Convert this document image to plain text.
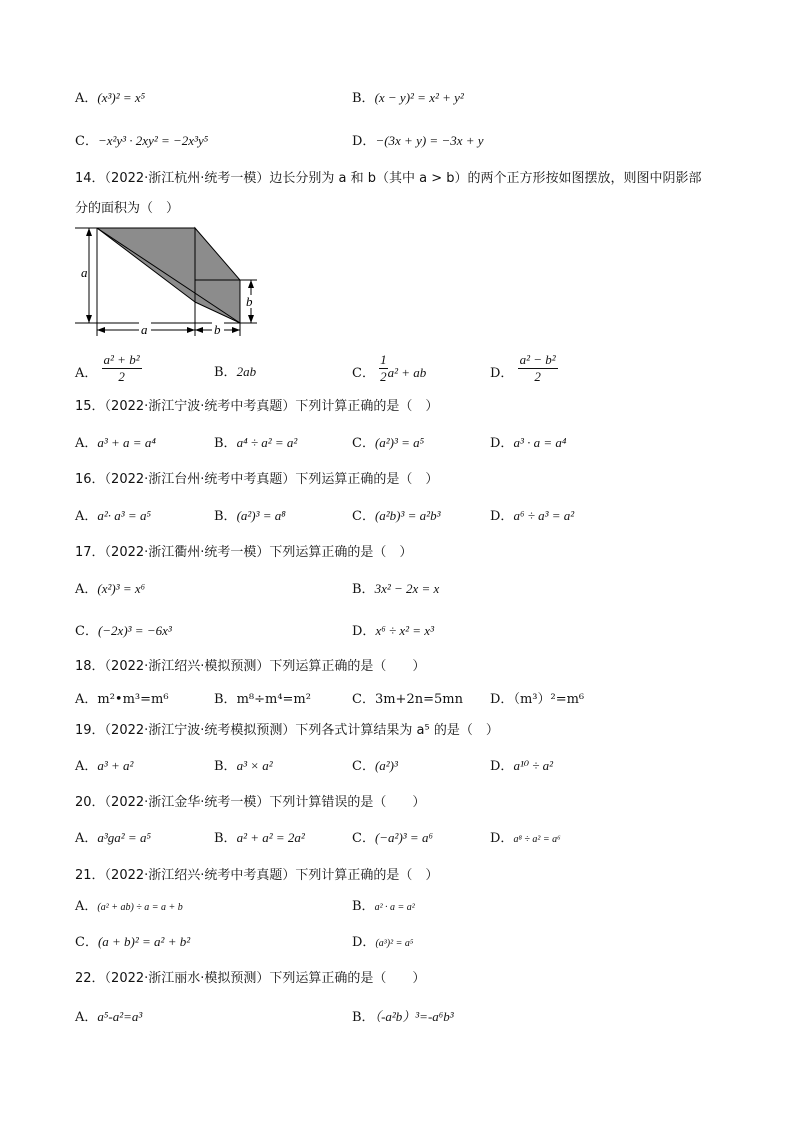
A．(x³)² = x⁵	B．(x − y)² = x² + y²
C．−x²y³ · 2xy² = −2x³y⁵	D．−(3x + y) = −3x + y
14．（2022·浙江杭州·统考一模）边长分别为 a 和 b（其中 a > b）的两个正方形按如图摆放，则图中阴影部
分的面积为（　）
a
a	b
b
A． $\frac{\text{a² + b²}}{2}$	B．2ab	C． $\frac{1}{2} a^2$ + ab	D． $\frac{\text{a² − b²}}{2}$
15．（2022·浙江宁波·统考中考真题）下列计算正确的是（　）
A．a³ + a = a⁴	B．a⁴ ÷ a² = a²	C．(a²)³ = a⁵	D．a³ · a = a⁴
16．（2022·浙江台州·统考中考真题）下列运算正确的是（　）
A．a²· a³ = a⁵	B．(a²)³ = a⁸	C．(a²b)³ = a²b³	D．a⁶ ÷ a³ = a²
17．（2022·浙江衢州·统考一模）下列运算正确的是（　）
A．(x²)³ = x⁶	B．3x² − 2x = x
C．(−2x)³ = −6x³	D．x⁶ ÷ x² = x³
18．（2022·浙江绍兴·模拟预测）下列运算正确的是（　　）
A．m²•m³=m⁶	B．m⁸÷m⁴=m²	C．3m+2n=5mn D．（m³）²=m⁶
19．（2022·浙江宁波·统考模拟预测）下列各式计算结果为 a⁵ 的是（　）
A．a³ + a²	B．a³ × a²	C．(a²)³	D．a¹⁰ ÷ a²
20．（2022·浙江金华·统考一模）下列计算错误的是（　　）
A．a³ga² = a⁵	B．a² + a² = 2a²	C．(−a²)³ = a⁶	D．a⁸ ÷ a² = a⁶
21．（2022·浙江绍兴·统考中考真题）下列计算正确的是（　）
A．(a² + ab) ÷ a = a + b	B．a² · a = a²
C．(a + b)² = a² + b²	D．(a³)² = a⁵
22．（2022·浙江丽水·模拟预测）下列运算正确的是（　　）
A．a⁵-a²=a³	B．（-a²b）³=-a⁶b³
